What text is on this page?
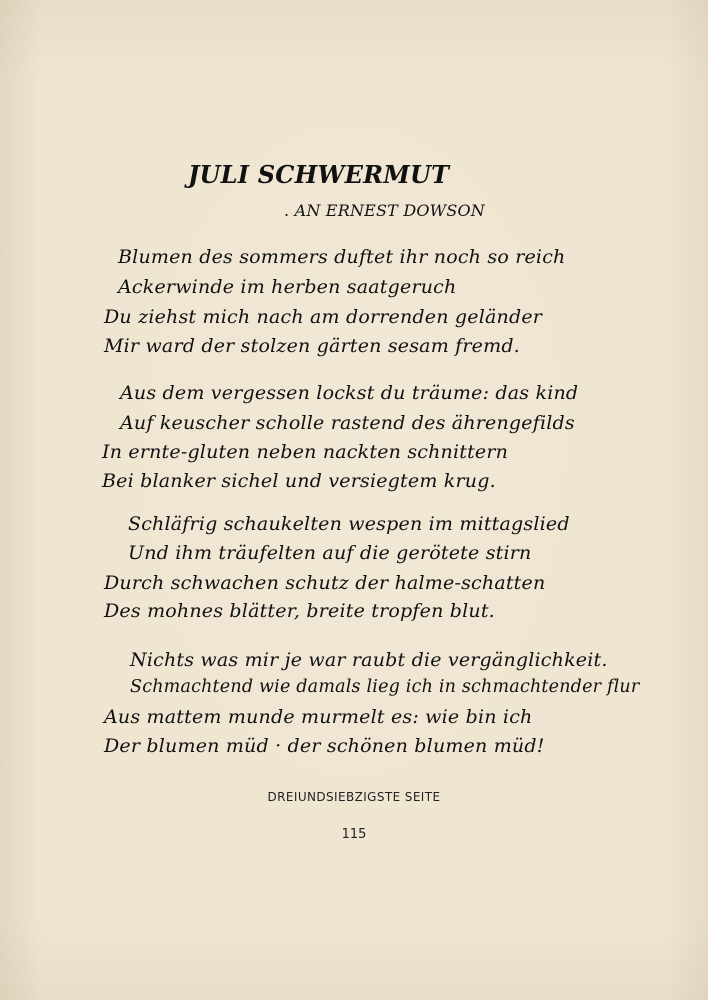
JULI SCHWERMUT
. AN ERNEST DOWSON
Blumen des sommers duftet ihr noch so reich
Ackerwinde im herben saatgeruch
Du ziehst mich nach am dorrenden geländer
Mir ward der stolzen gärten sesam fremd.
Aus dem vergessen lockst du träume: das kind
Auf keuscher scholle rastend des ährengefilds
In ernte-gluten neben nackten schnittern
Bei blanker sichel und versiegtem krug.
Schläfrig schaukelten wespen im mittagslied
Und ihm träufelten auf die gerötete stirn
Durch schwachen schutz der halme-schatten
Des mohnes blätter, breite tropfen blut.
Nichts was mir je war raubt die vergänglichkeit.
Schmachtend wie damals lieg ich in schmachtender flur
Aus mattem munde murmelt es: wie bin ich
Der blumen müd · der schönen blumen müd!
DREIUNDSIEBZIGSTE SEITE
115
